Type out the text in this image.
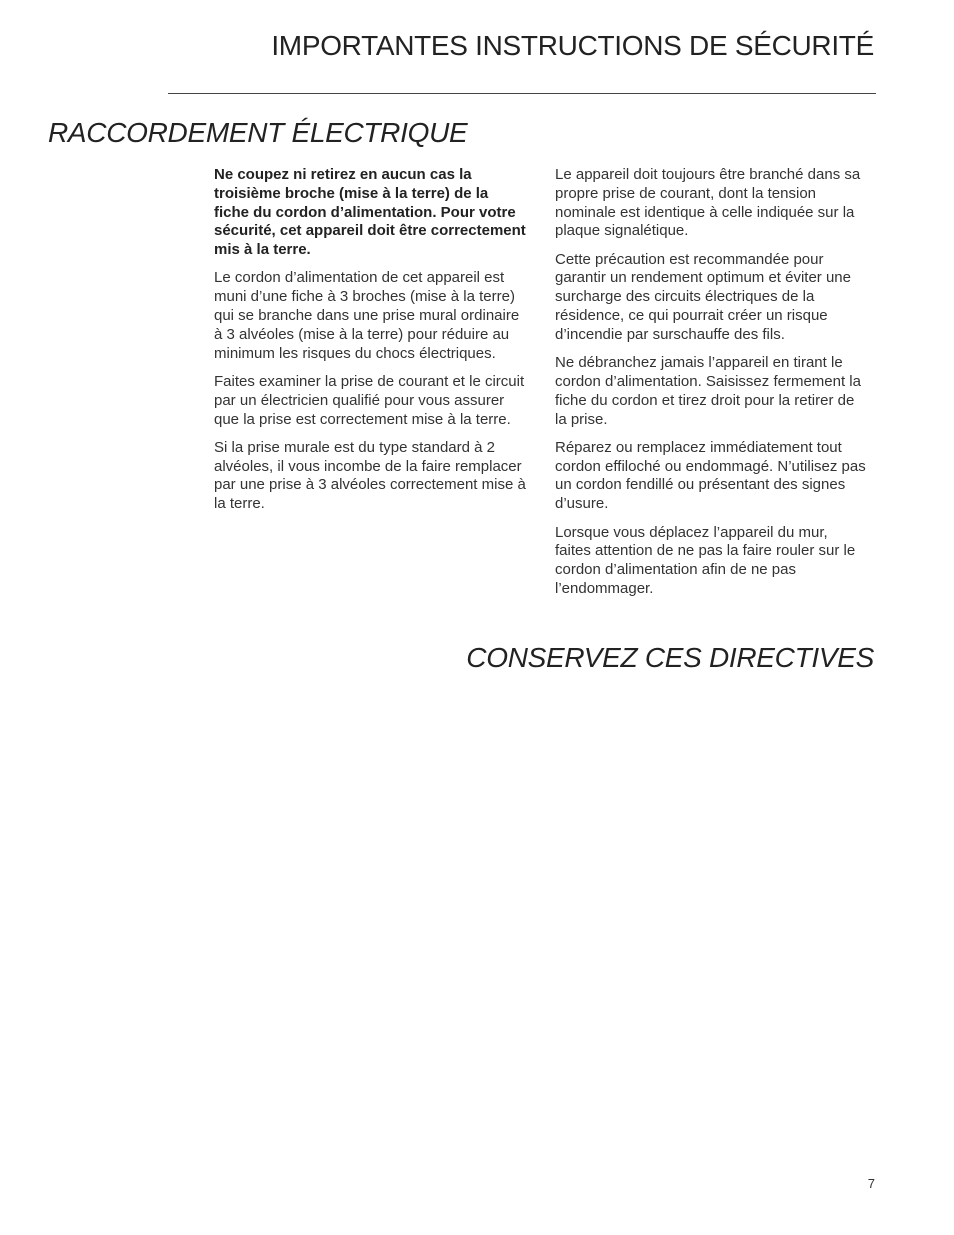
IMPORTANTES INSTRUCTIONS DE SÉCURITÉ
RACCORDEMENT ÉLECTRIQUE

Ne coupez ni retirez en aucun cas la troisième broche (mise à la terre) de la fiche du cordon d’alimentation. Pour votre sécurité, cet appareil doit être correctement mis à la terre.

Le cordon d’alimentation de cet appareil est muni d’une fiche à 3 broches (mise à la terre) qui se branche dans une prise mural ordinaire à 3 alvéoles (mise à la terre) pour réduire au minimum les risques du chocs électriques.

Faites examiner la prise de courant et le circuit par un électricien qualifié pour vous assurer que la prise est correctement mise à la terre.

Si la prise murale est du type standard à 2 alvéoles, il vous incombe de la faire remplacer par une prise à 3 alvéoles correctement mise à la terre.

Le appareil doit toujours être branché dans sa propre prise de courant, dont la tension nominale est identique à celle indiquée sur la plaque signalétique.

Cette précaution est recommandée pour garantir un rendement optimum et éviter une surcharge des circuits électriques de la résidence, ce qui pourrait créer un risque d’incendie par surschauffe des fils.

Ne débranchez jamais l’appareil en tirant le cordon d’alimentation. Saisissez fermement la fiche du cordon et tirez droit pour la retirer de la prise.

Réparez ou remplacez immédiatement tout cordon effiloché ou endommagé. N’utilisez pas un cordon fendillé ou présentant des signes d’usure.

Lorsque vous déplacez l’appareil du mur, faites attention de ne pas la faire rouler sur le cordon d’alimentation afin de ne pas l’endommager.

CONSERVEZ CES DIRECTIVES
7
